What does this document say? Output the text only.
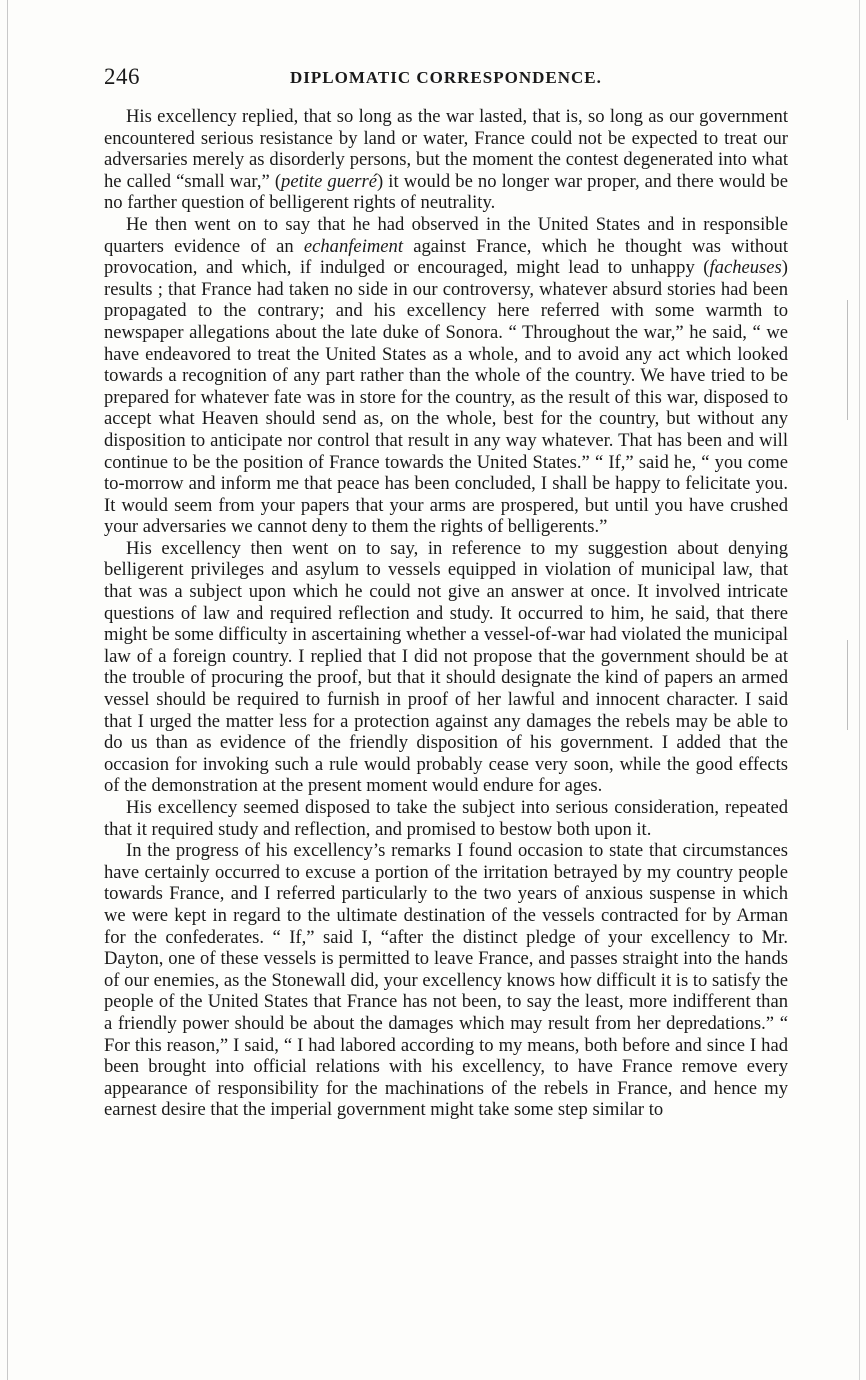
246	DIPLOMATIC CORRESPONDENCE.

His excellency replied, that so long as the war lasted, that is, so long as our government encountered serious resistance by land or water, France could not be expected to treat our adversaries merely as disorderly persons, but the moment the contest degenerated into what he called “small war,” (petite guerré) it would be no longer war proper, and there would be no farther question of belligerent rights of neutrality.

He then went on to say that he had observed in the United States and in responsible quarters evidence of an echanfeiment against France, which he thought was without provocation, and which, if indulged or encouraged, might lead to unhappy (facheuses) results ; that France had taken no side in our controversy, whatever absurd stories had been propagated to the contrary; and his excellency here referred with some warmth to newspaper allegations about the late duke of Sonora. “ Throughout the war,” he said, “ we have endeavored to treat the United States as a whole, and to avoid any act which looked towards a recognition of any part rather than the whole of the country. We have tried to be prepared for whatever fate was in store for the country, as the result of this war, disposed to accept what Heaven should send as, on the whole, best for the country, but without any disposition to anticipate nor control that result in any way whatever. That has been and will continue to be the position of France towards the United States.” “ If,” said he, “ you come to-morrow and inform me that peace has been concluded, I shall be happy to felicitate you. It would seem from your papers that your arms are prospered, but until you have crushed your adversaries we cannot deny to them the rights of belligerents.”

His excellency then went on to say, in reference to my suggestion about denying belligerent privileges and asylum to vessels equipped in violation of municipal law, that that was a subject upon which he could not give an answer at once. It involved intricate questions of law and required reflection and study. It occurred to him, he said, that there might be some difficulty in ascertaining whether a vessel-of-war had violated the municipal law of a foreign country. I replied that I did not propose that the government should be at the trouble of procuring the proof, but that it should designate the kind of papers an armed vessel should be required to furnish in proof of her lawful and innocent character. I said that I urged the matter less for a protection against any damages the rebels may be able to do us than as evidence of the friendly disposition of his government. I added that the occasion for invoking such a rule would probably cease very soon, while the good effects of the demonstration at the present moment would endure for ages.

His excellency seemed disposed to take the subject into serious consideration, repeated that it required study and reflection, and promised to bestow both upon it.

In the progress of his excellency’s remarks I found occasion to state that circumstances have certainly occurred to excuse a portion of the irritation betrayed by my country people towards France, and I referred particularly to the two years of anxious suspense in which we were kept in regard to the ultimate destination of the vessels contracted for by Arman for the confederates. “ If,” said I, “after the distinct pledge of your excellency to Mr. Dayton, one of these vessels is permitted to leave France, and passes straight into the hands of our enemies, as the Stonewall did, your excellency knows how difficult it is to satisfy the people of the United States that France has not been, to say the least, more indifferent than a friendly power should be about the damages which may result from her depredations.” “ For this reason,” I said, “ I had labored according to my means, both before and since I had been brought into official relations with his excellency, to have France remove every appearance of responsibility for the machinations of the rebels in France, and hence my earnest desire that the imperial government might take some step similar to
